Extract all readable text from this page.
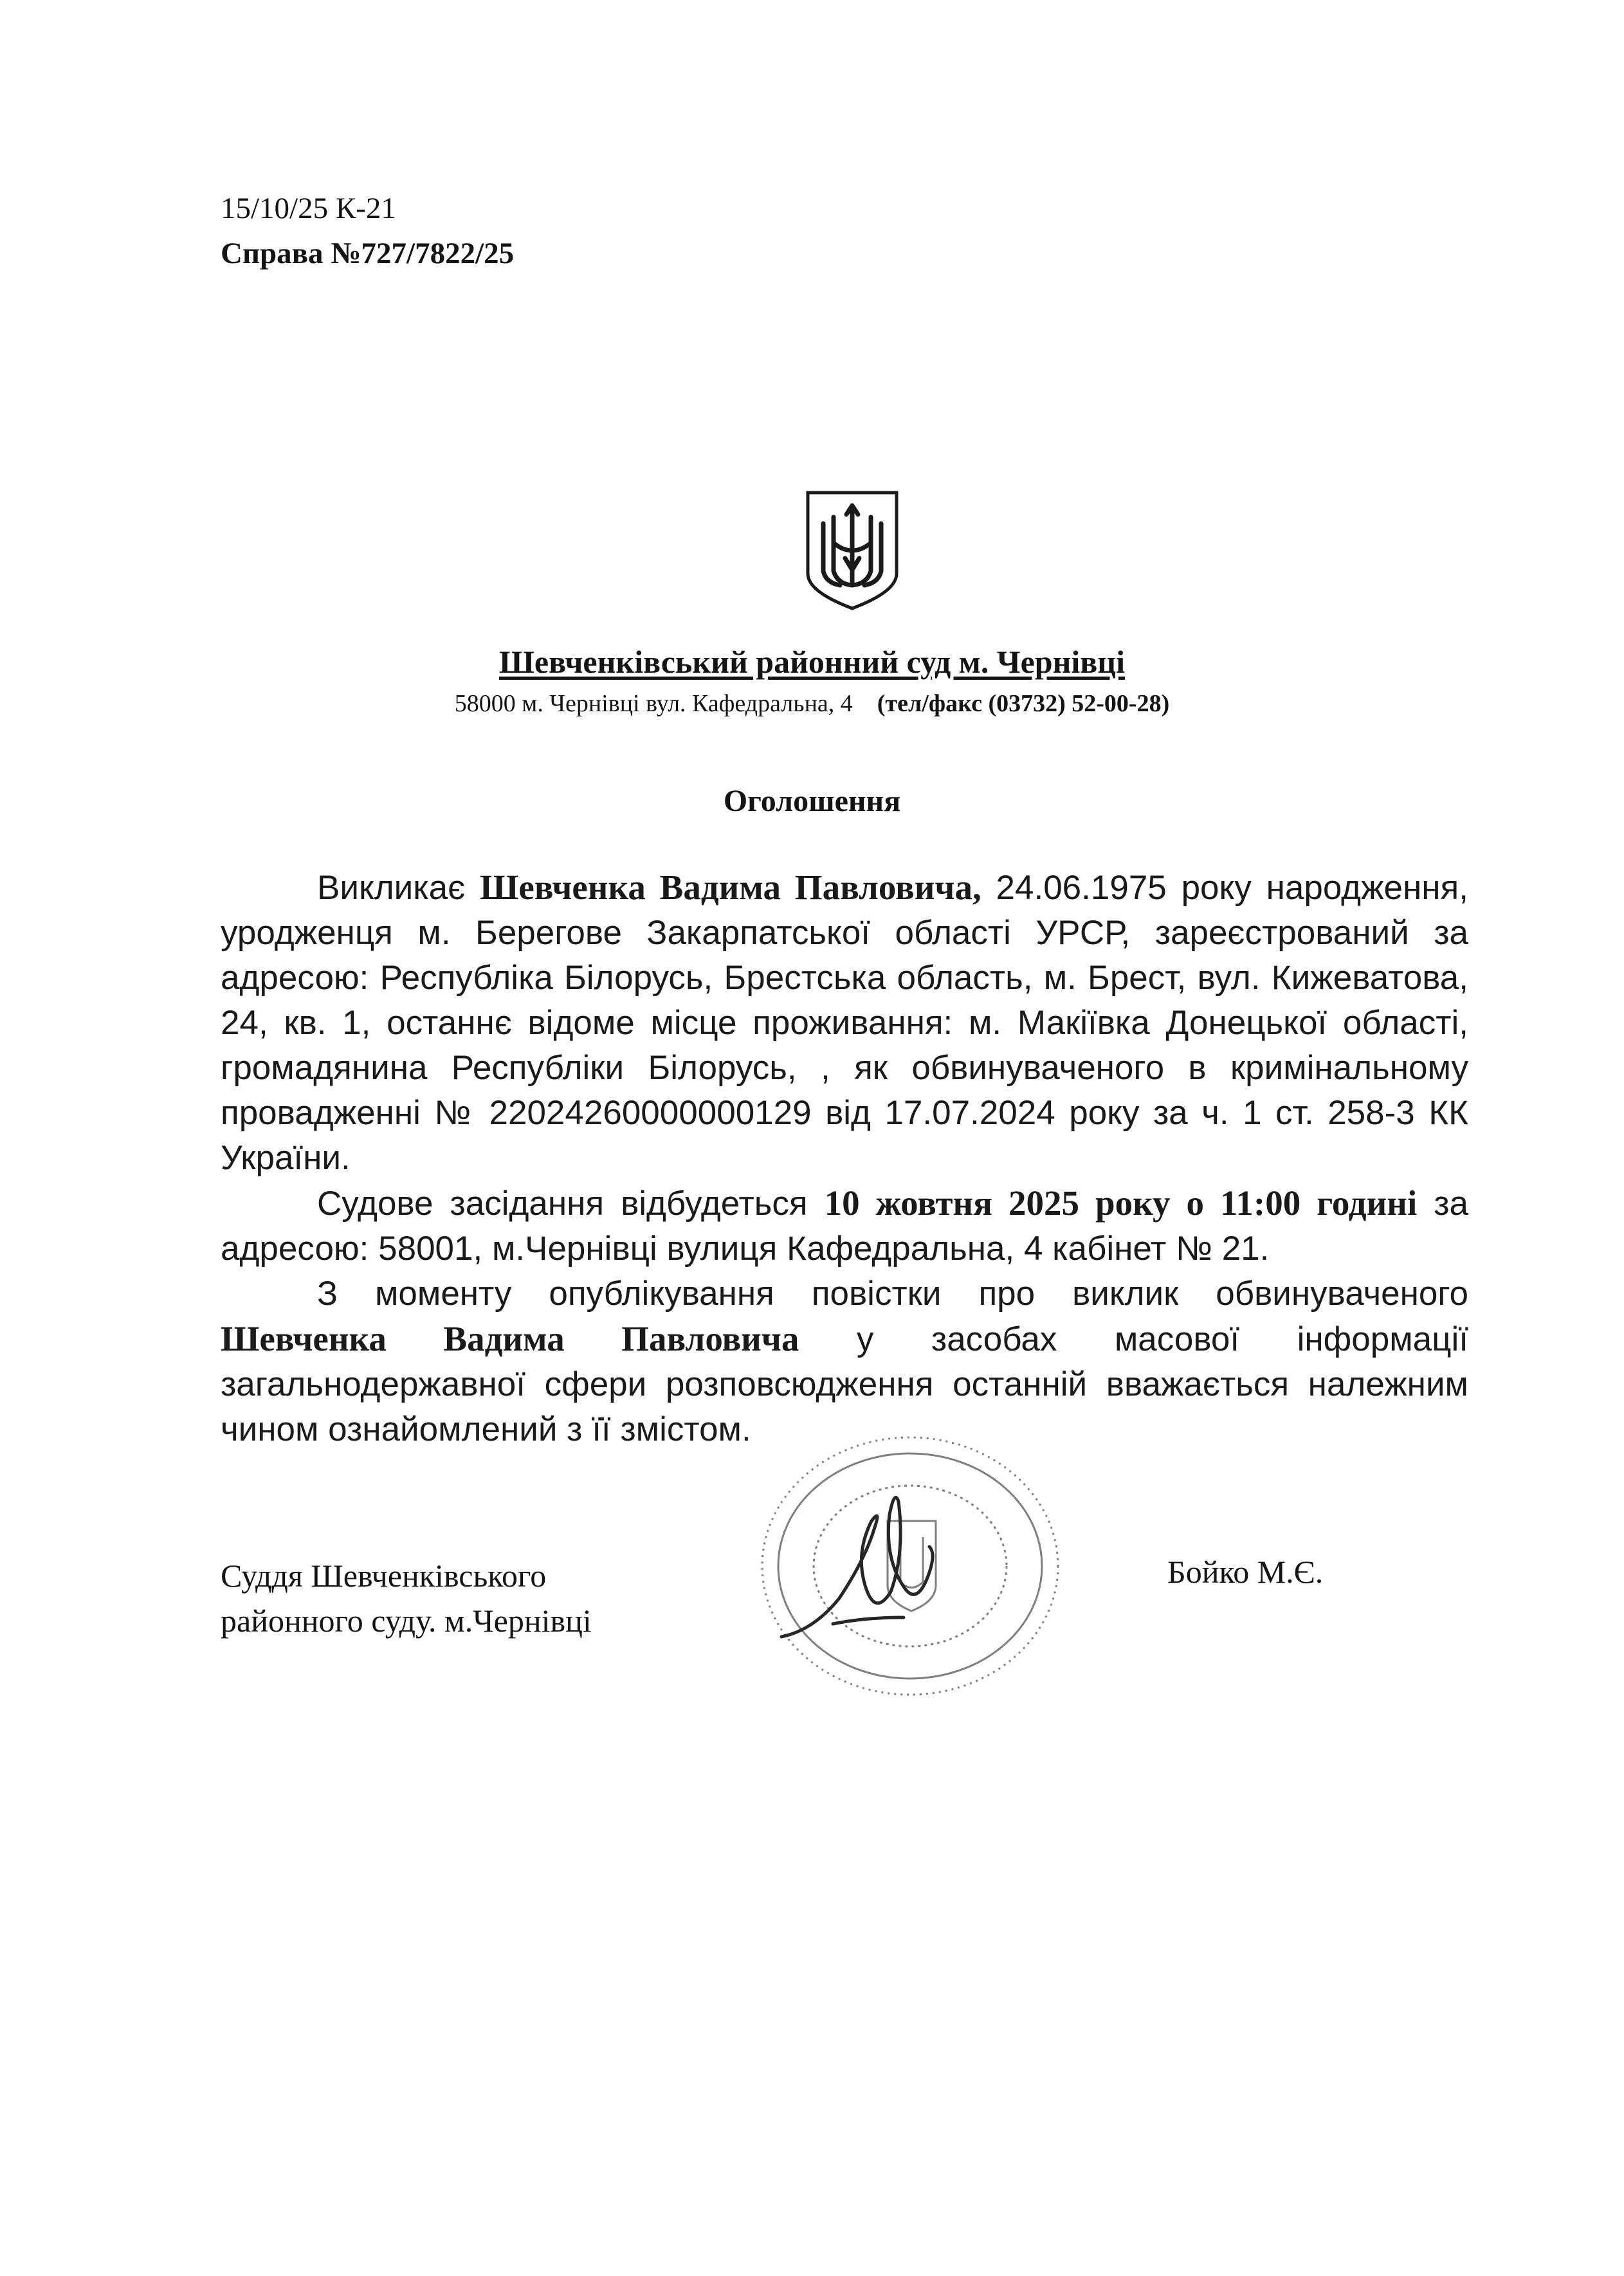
15/10/25 К-21
Справа №727/7822/25
Шевченківський районний суд м. Чернівці
58000 м. Чернівці вул. Кафедральна, 4 (тел/факс (03732) 52-00-28)
Оголошення

Викликає Шевченка Вадима Павловича, 24.06.1975 року народження, уродженця м. Берегове Закарпатської області УРСР, зареєстрований за адресою: Республіка Білорусь, Брестська область, м. Брест, вул. Кижеватова, 24, кв. 1, останнє відоме місце проживання: м. Макіївка Донецької області, громадянина Республіки Білорусь, , як обвинуваченого в кримінальному провадженні № 22024260000000129 від 17.07.2024 року за ч. 1 ст. 258-3 КК України.

Судове засідання відбудеться 10 жовтня 2025 року о 11:00 годині за адресою: 58001, м.Чернівці вулиця Кафедральна, 4 кабінет № 21.

З моменту опублікування повістки про виклик обвинуваченого Шевченка Вадима Павловича у засобах масової інформації загальнодержавної сфери розповсюдження останній вважається належним чином ознайомлений з її змістом.

Суддя Шевченківського
районного суду. м.Чернівці
Бойко М.Є.
